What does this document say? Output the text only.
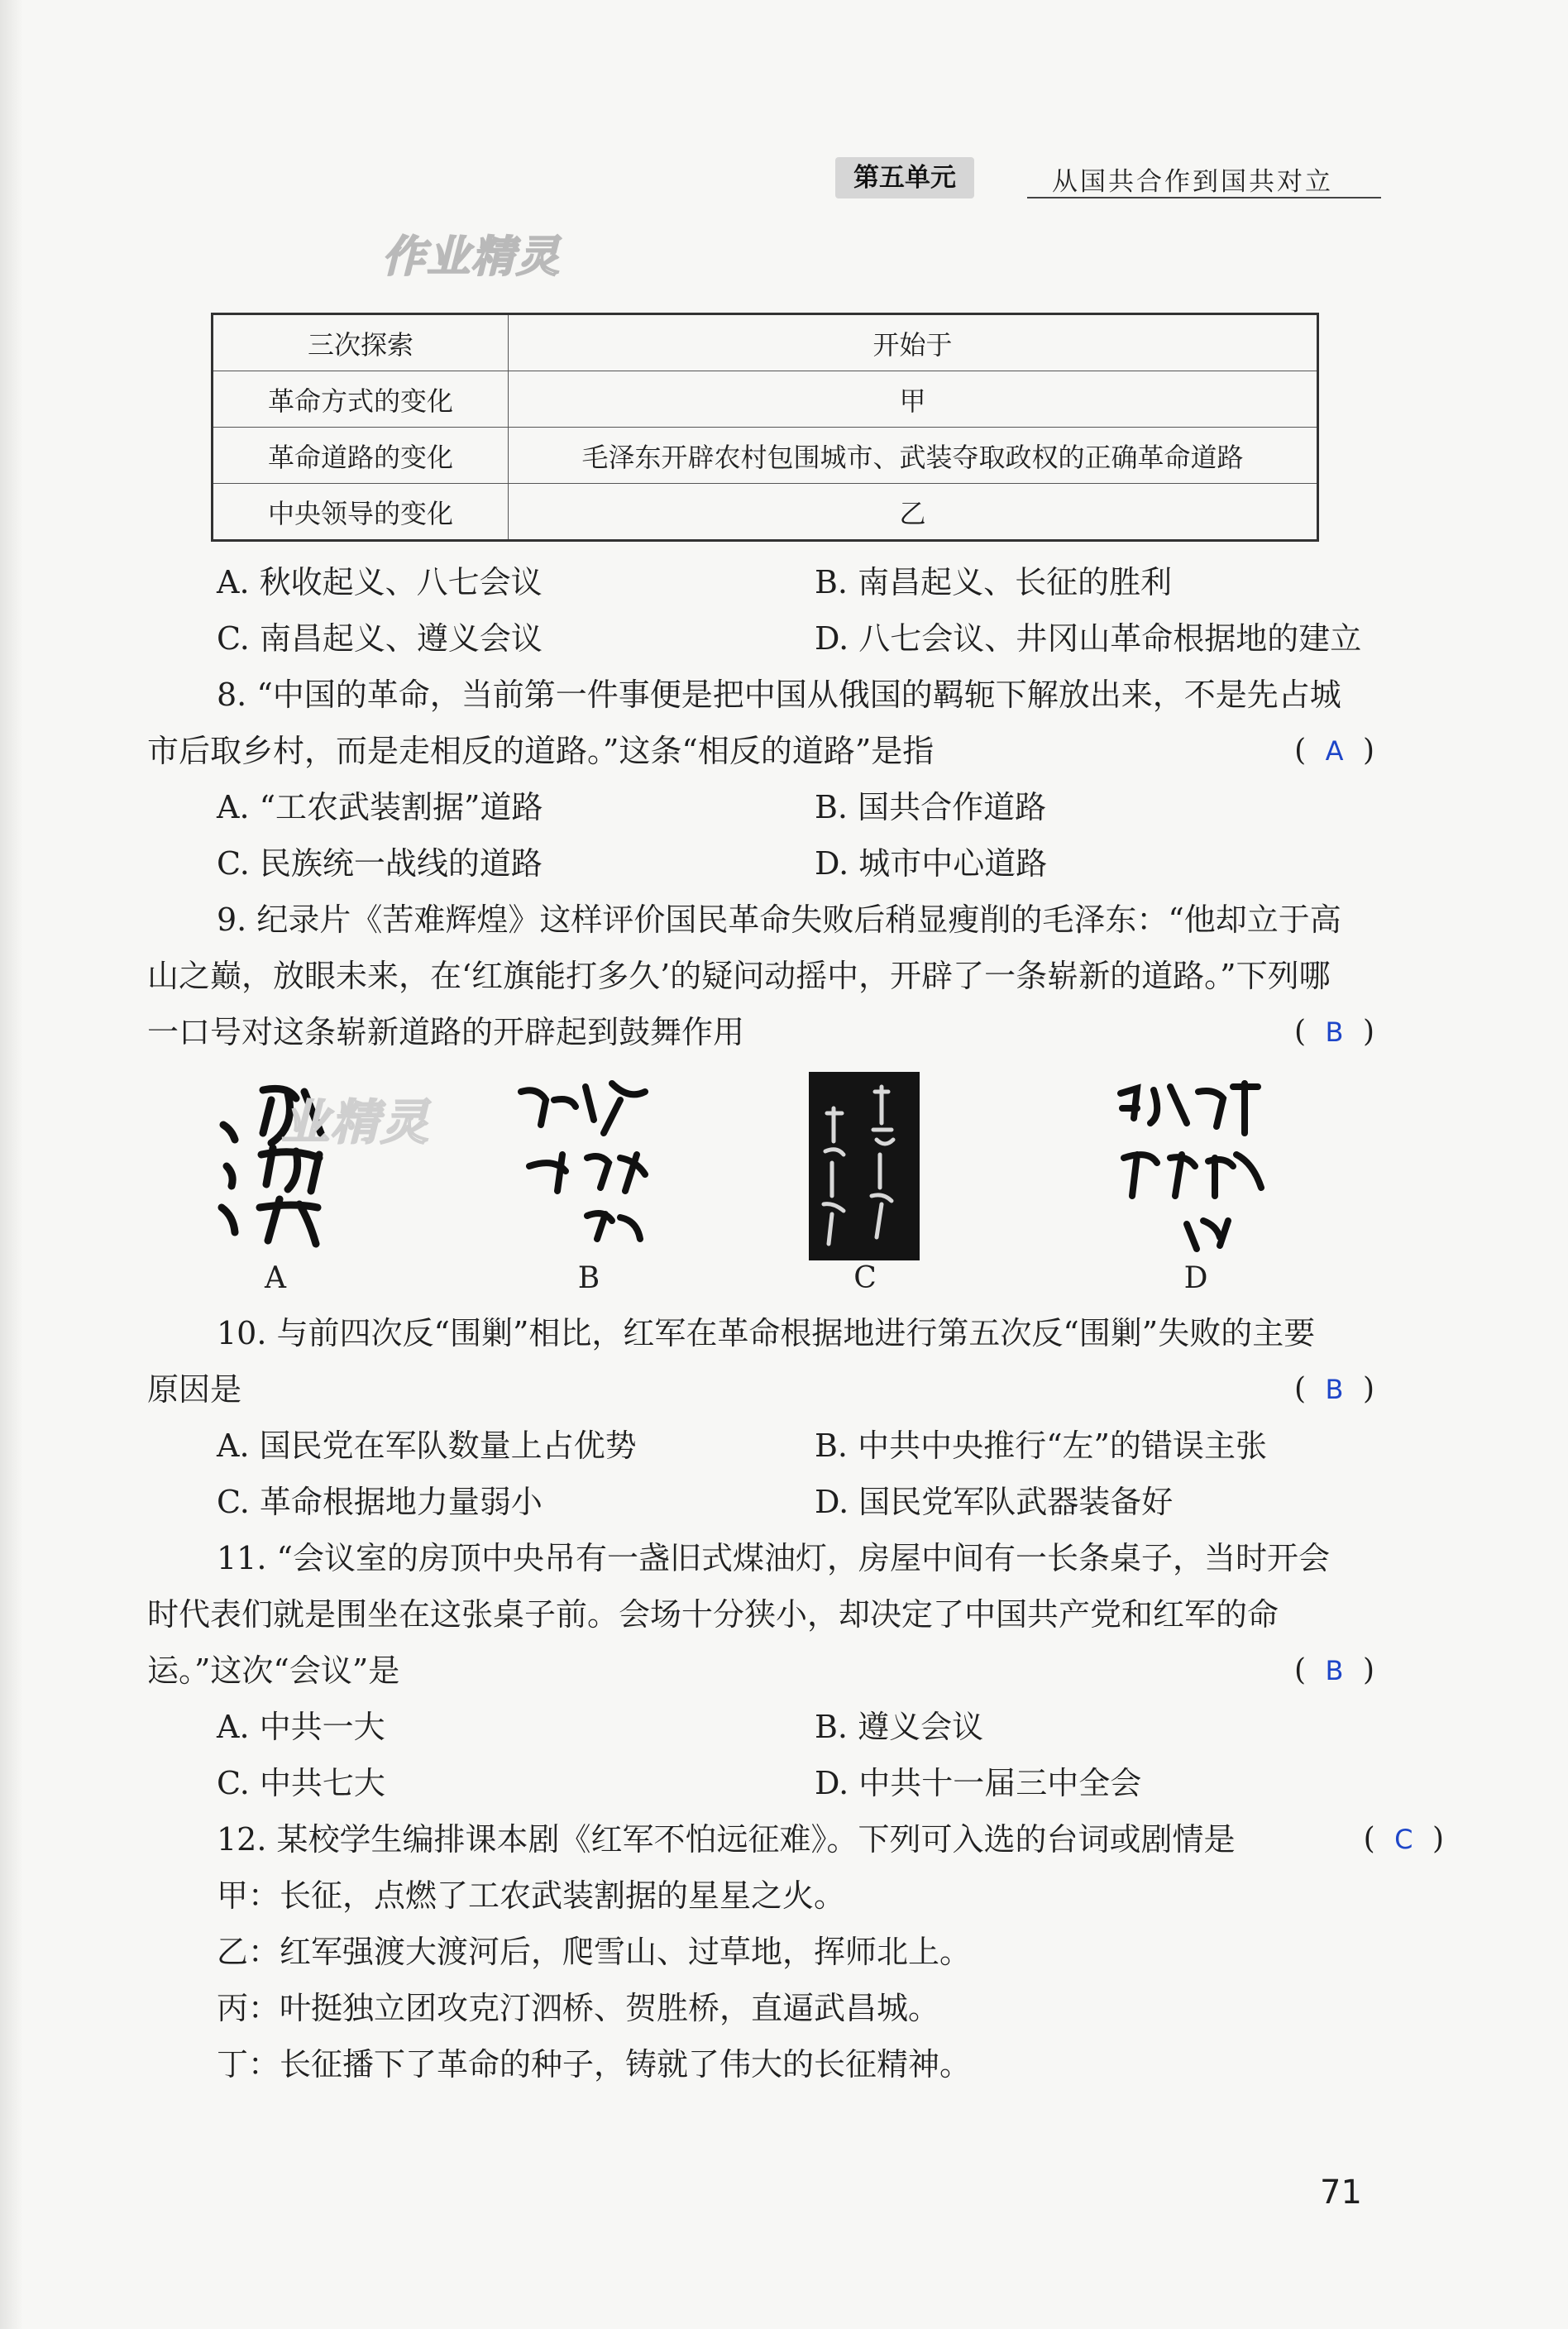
第五单元	从国共合作到国共对立
作业精灵
三次探索	开始于
革命方式的变化	甲
革命道路的变化	毛泽东开辟农村包围城市、武装夺取政权的正确革命道路
中央领导的变化	乙
A. 秋收起义、八七会议	B. 南昌起义、长征的胜利
C. 南昌起义、遵义会议	D. 八七会议、井冈山革命根据地的建立
8. “中国的革命，当前第一件事便是把中国从俄国的羁轭下解放出来，不是先占城
市后取乡村，而是走相反的道路。”这条“相反的道路”是指	( A )
A. “工农武装割据”道路	B. 国共合作道路
C. 民族统一战线的道路	D. 城市中心道路
9. 纪录片《苦难辉煌》这样评价国民革命失败后稍显瘦削的毛泽东：“他却立于高
山之巅，放眼未来，在‘红旗能打多久’的疑问动摇中，开辟了一条崭新的道路。”下列哪
一口号对这条崭新道路的开辟起到鼓舞作用	( B )
A	B	C	D
业精灵
10. 与前四次反“围剿”相比，红军在革命根据地进行第五次反“围剿”失败的主要
原因是	( B )
A. 国民党在军队数量上占优势	B. 中共中央推行“左”的错误主张
C. 革命根据地力量弱小	D. 国民党军队武器装备好
11. “会议室的房顶中央吊有一盏旧式煤油灯，房屋中间有一长条桌子，当时开会
时代表们就是围坐在这张桌子前。会场十分狭小，却决定了中国共产党和红军的命
运。”这次“会议”是	( B )
A. 中共一大	B. 遵义会议
C. 中共七大	D. 中共十一届三中全会
12. 某校学生编排课本剧《红军不怕远征难》。下列可入选的台词或剧情是	( C )
甲：长征，点燃了工农武装割据的星星之火。
乙：红军强渡大渡河后，爬雪山、过草地，挥师北上。
丙：叶挺独立团攻克汀泗桥、贺胜桥，直逼武昌城。
丁：长征播下了革命的种子，铸就了伟大的长征精神。
71
